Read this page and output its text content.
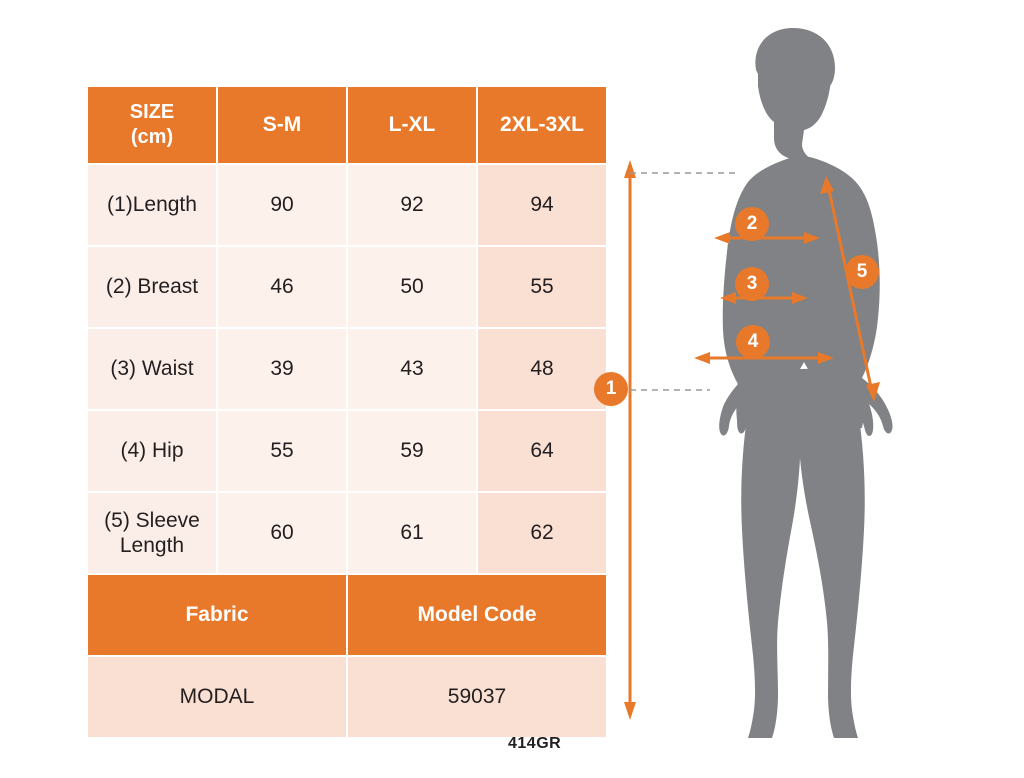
SIZE
(cm)	S-M	L-XL	2XL-3XL
(1)Length	90	92	94
(2) Breast	46	50	55
(3) Waist	39	43	48
(4) Hip	55	59	64
(5) Sleeve
Length	60	61	62
Fabric		Model Code	
MODAL		59037	
414GR
1
2
3
4
5
